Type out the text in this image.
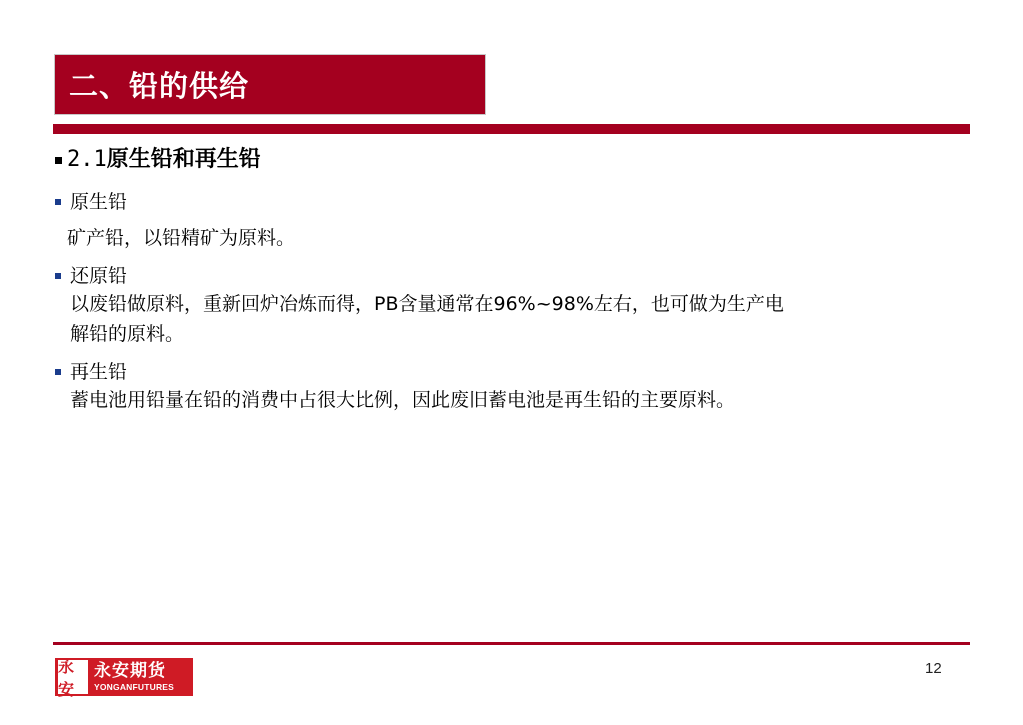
二、铅的供给
2.1原生铅和再生铅
原生铅
矿产铅，以铅精矿为原料。
还原铅
以废铅做原料，重新回炉冶炼而得，PB含量通常在96%~98%左右，也可做为生产电
解铅的原料。
再生铅
蓄电池用铅量在铅的消费中占很大比例，因此废旧蓄电池是再生铅的主要原料。
永安
永安期货
YONGANFUTURES
12
